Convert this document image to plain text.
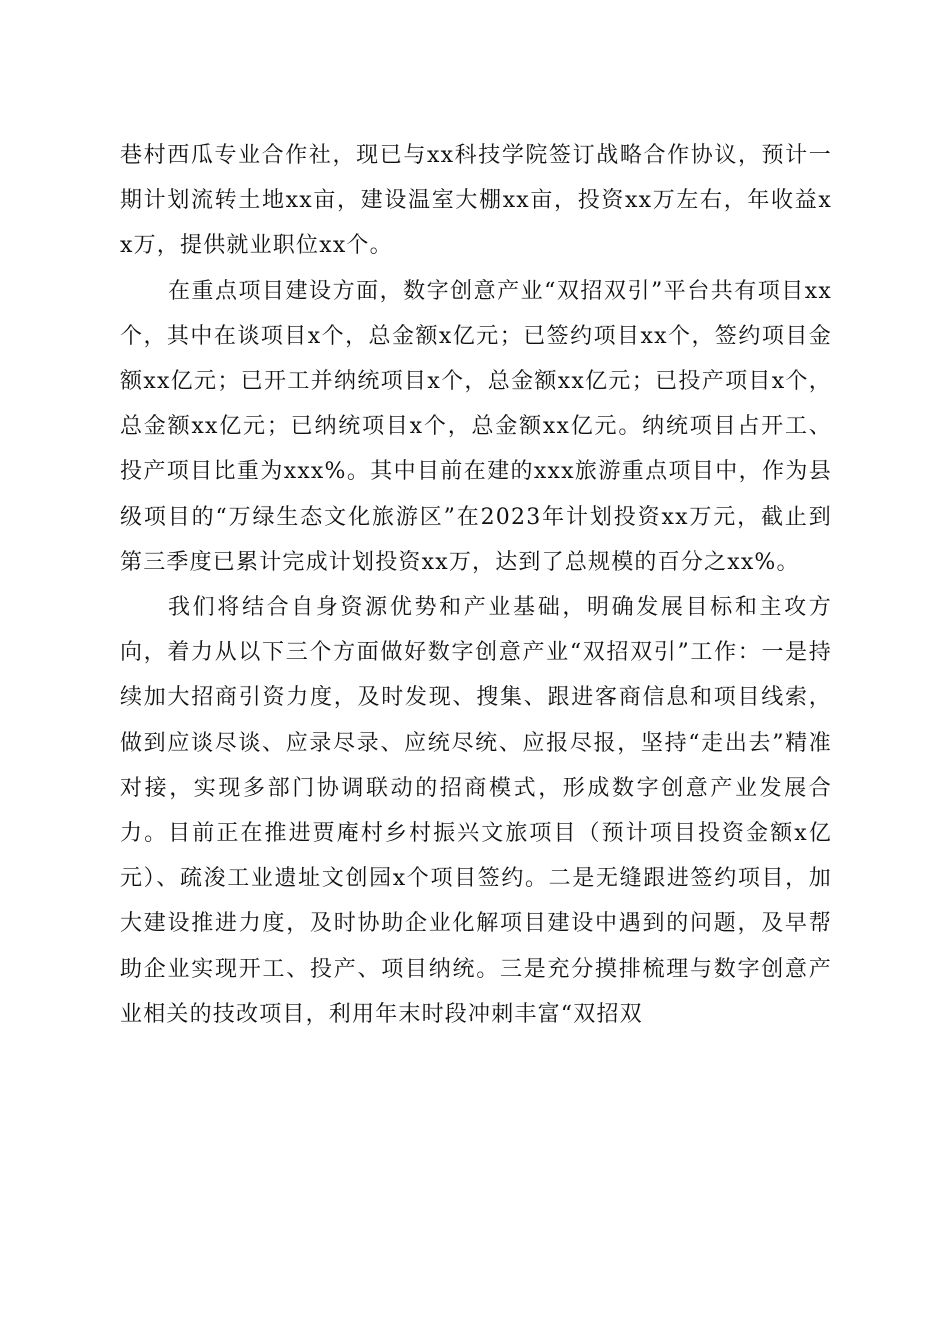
巷村西瓜专业合作社，现已与xx科技学院签订战略合作协议，预计一期计划流转土地xx亩，建设温室大棚xx亩，投资xx万左右，年收益xx万，提供就业职位xx个。

在重点项目建设方面，数字创意产业“双招双引”平台共有项目xx个，其中在谈项目x个，总金额x亿元；已签约项目xx个，签约项目金额xx亿元；已开工并纳统项目x个，总金额xx亿元；已投产项目x个，总金额xx亿元；已纳统项目x个，总金额xx亿元。纳统项目占开工、投产项目比重为xxx%。其中目前在建的xxx旅游重点项目中，作为县级项目的“万绿生态文化旅游区”在2023年计划投资xx万元，截止到第三季度已累计完成计划投资xx万，达到了总规模的百分之xx%。

我们将结合自身资源优势和产业基础，明确发展目标和主攻方向，着力从以下三个方面做好数字创意产业“双招双引”工作：一是持续加大招商引资力度，及时发现、搜集、跟进客商信息和项目线索，做到应谈尽谈、应录尽录、应统尽统、应报尽报，坚持“走出去”精准对接，实现多部门协调联动的招商模式，形成数字创意产业发展合力。目前正在推进贾庵村乡村振兴文旅项目（预计项目投资金额x亿元）、疏浚工业遗址文创园x个项目签约。二是无缝跟进签约项目，加大建设推进力度，及时协助企业化解项目建设中遇到的问题，及早帮助企业实现开工、投产、项目纳统。三是充分摸排梳理与数字创意产业相关的技改项目，利用年末时段冲刺丰富“双招双
